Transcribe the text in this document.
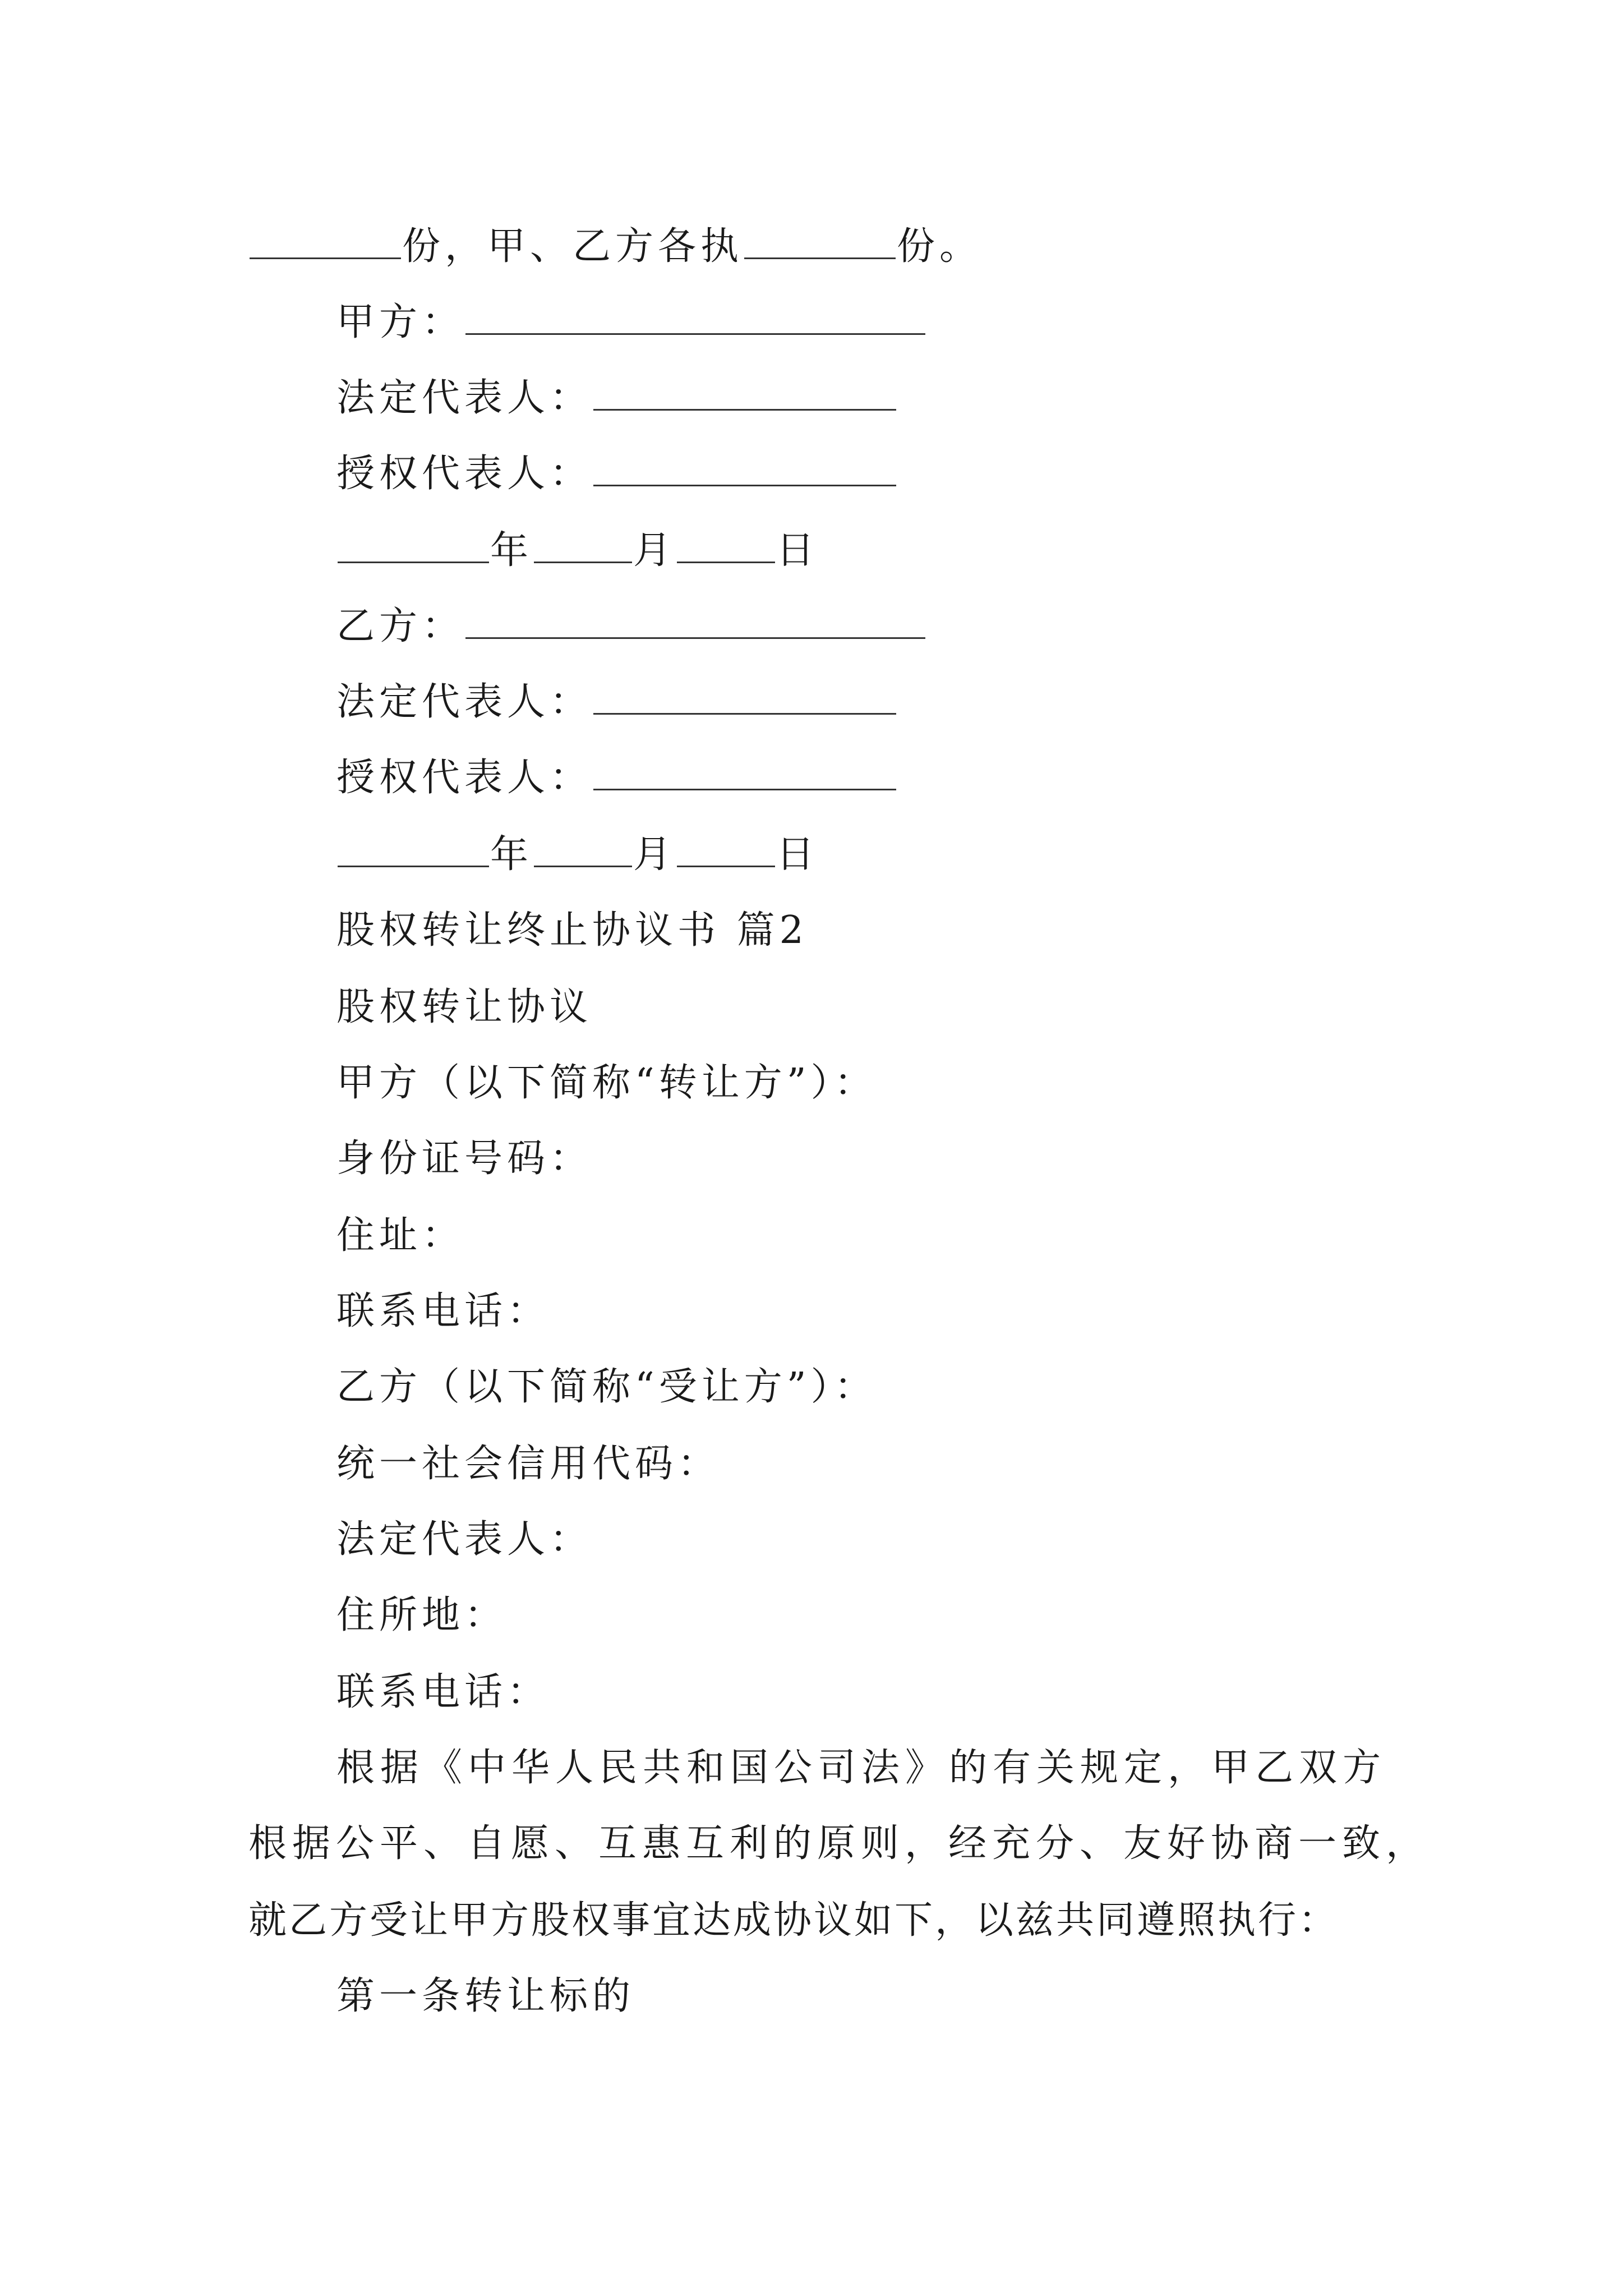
份，甲、乙方各执	份。
甲方：
法定代表人：
授权代表人：
年	月	日
乙方：
法定代表人：
授权代表人：
年	月	日
股权转让终止协议书 篇2
股权转让协议
甲方（以下简称“转让方”）：
身份证号码：
住址：
联系电话：
乙方（以下简称“受让方”）：
统一社会信用代码：
法定代表人：
住所地：
联系电话：
根据《中华人民共和国公司法》的有关规定，甲乙双方
根据公平、自愿、互惠互利的原则，经充分、友好协商一致，
就乙方受让甲方股权事宜达成协议如下，以兹共同遵照执行：
第一条转让标的
